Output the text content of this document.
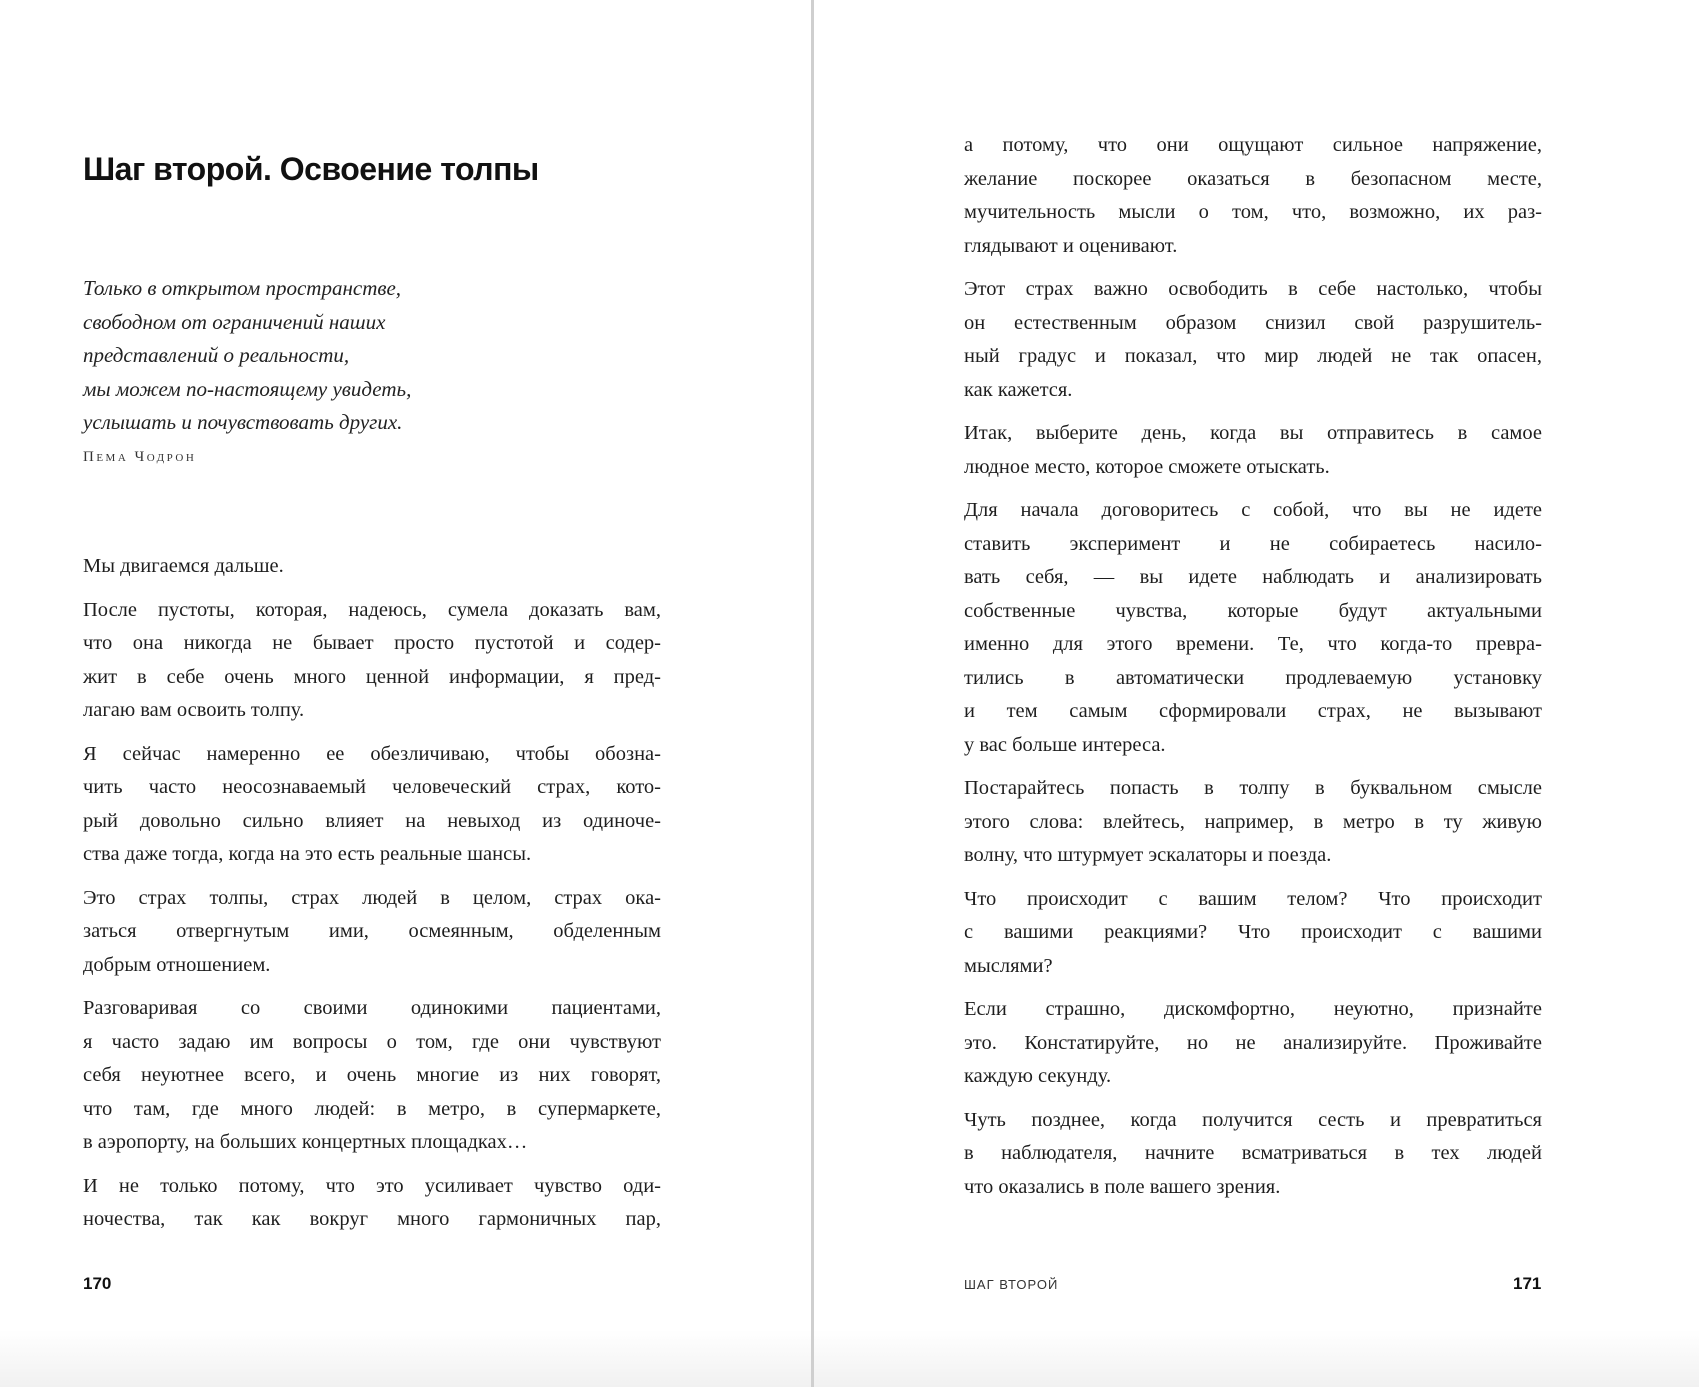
Шаг второй. Освоение толпы
Только в открытом пространстве,
свободном от ограничений наших
представлений о реальности,
мы можем по-настоящему увидеть,
услышать и почувствовать других.
Пема Чодрон
Мы двигаемся дальше.
После пустоты, которая, надеюсь, сумела доказать вам,
что она никогда не бывает просто пустотой и содер-
жит в себе очень много ценной информации, я пред-
лагаю вам освоить толпу.
Я сейчас намеренно ее обезличиваю, чтобы обозна-
чить часто неосознаваемый человеческий страх, кото-
рый довольно сильно влияет на невыход из одиноче-
ства даже тогда, когда на это есть реальные шансы.
Это страх толпы, страх людей в целом, страх ока-
заться отвергнутым ими, осмеянным, обделенным
добрым отношением.
Разговаривая со своими одинокими пациентами,
я часто задаю им вопросы о том, где они чувствуют
себя неуютнее всего, и очень многие из них говорят,
что там, где много людей: в метро, в супермаркете,
в аэропорту, на больших концертных площадках…
И не только потому, что это усиливает чувство оди-
ночества, так как вокруг много гармоничных пар,
170
а потому, что они ощущают сильное напряжение,
желание поскорее оказаться в безопасном месте,
мучительность мысли о том, что, возможно, их раз-
глядывают и оценивают.
Этот страх важно освободить в себе настолько, чтобы
он естественным образом снизил свой разрушитель-
ный градус и показал, что мир людей не так опасен,
как кажется.
Итак, выберите день, когда вы отправитесь в самое
людное место, которое сможете отыскать.
Для начала договоритесь с собой, что вы не идете
ставить эксперимент и не собираетесь насило-
вать себя, — вы идете наблюдать и анализировать
собственные чувства, которые будут актуальными
именно для этого времени. Те, что когда-то превра-
тились в автоматически продлеваемую установку
и тем самым сформировали страх, не вызывают
у вас больше интереса.
Постарайтесь попасть в толпу в буквальном смысле
этого слова: влейтесь, например, в метро в ту живую
волну, что штурмует эскалаторы и поезда.
Что происходит с вашим телом? Что происходит
с вашими реакциями? Что происходит с вашими
мыслями?
Если страшно, дискомфортно, неуютно, признайте
это. Констатируйте, но не анализируйте. Проживайте
каждую секунду.
Чуть позднее, когда получится сесть и превратиться
в наблюдателя, начните всматриваться в тех людей
что оказались в поле вашего зрения.
ШАГ ВТОРОЙ	171
